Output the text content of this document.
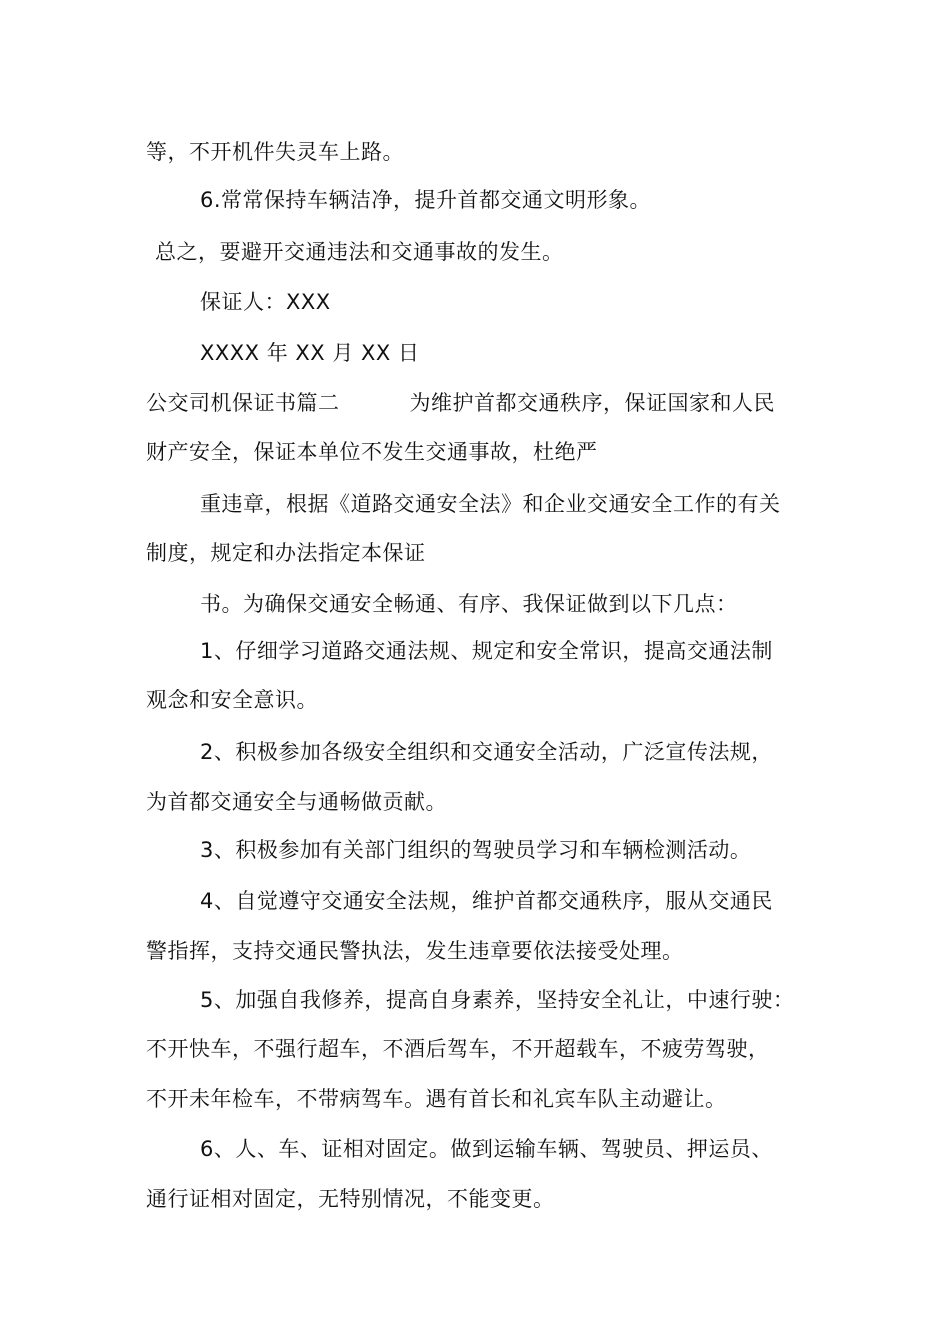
等，不开机件失灵车上路。
6.常常保持车辆洁净，提升首都交通文明形象。
总之，要避开交通违法和交通事故的发生。
保证人：XXX
XXXX 年 XX 月 XX 日
公交司机保证书篇二	为维护首都交通秩序，保证国家和人民
财产安全，保证本单位不发生交通事故，杜绝严
重违章，根据《道路交通安全法》和企业交通安全工作的有关
制度，规定和办法指定本保证
书。为确保交通安全畅通、有序、我保证做到以下几点：
1、仔细学习道路交通法规、规定和安全常识，提高交通法制
观念和安全意识。
2、积极参加各级安全组织和交通安全活动，广泛宣传法规，
为首都交通安全与通畅做贡献。
3、积极参加有关部门组织的驾驶员学习和车辆检测活动。
4、自觉遵守交通安全法规，维护首都交通秩序，服从交通民
警指挥，支持交通民警执法，发生违章要依法接受处理。
5、加强自我修养，提高自身素养，坚持安全礼让，中速行驶：
不开快车，不强行超车，不酒后驾车，不开超载车，不疲劳驾驶，
不开未年检车，不带病驾车。遇有首长和礼宾车队主动避让。
6、人、车、证相对固定。做到运输车辆、驾驶员、押运员、
通行证相对固定，无特别情况，不能变更。
